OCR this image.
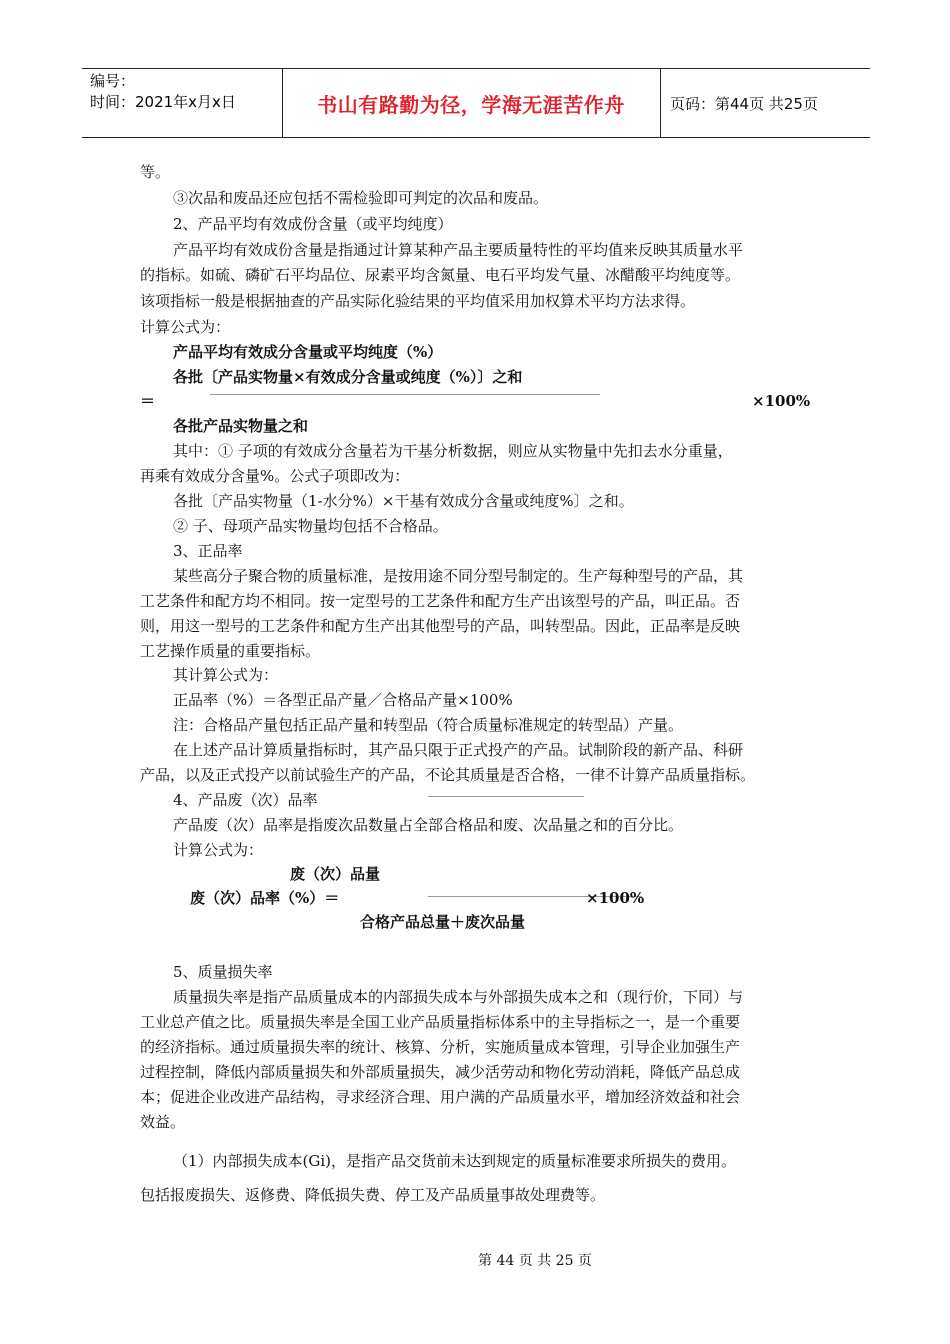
编号：
时间：2021年x月x日	书山有路勤为径，学海无涯苦作舟	页码：第44页 共25页
等。
③次品和废品还应包括不需检验即可判定的次品和废品。
2、产品平均有效成份含量（或平均纯度）
产品平均有效成份含量是指通过计算某种产品主要质量特性的平均值来反映其质量水平
的指标。如硫、磷矿石平均品位、尿素平均含氮量、电石平均发气量、冰醋酸平均纯度等。
该项指标一般是根据抽查的产品实际化验结果的平均值采用加权算术平均方法求得。
计算公式为：
产品平均有效成分含量或平均纯度（%）
各批〔产品实物量×有效成分含量或纯度（%）〕之和
＝	×100%
各批产品实物量之和
其中：① 子项的有效成分含量若为干基分析数据，则应从实物量中先扣去水分重量，
再乘有效成分含量%。公式子项即改为：
各批〔产品实物量（1-水分%）×干基有效成分含量或纯度%〕之和。
② 子、母项产品实物量均包括不合格品。
3、正品率
某些高分子聚合物的质量标准，是按用途不同分型号制定的。生产每种型号的产品，其
工艺条件和配方均不相同。按一定型号的工艺条件和配方生产出该型号的产品，叫正品。否
则，用这一型号的工艺条件和配方生产出其他型号的产品，叫转型品。因此，正品率是反映
工艺操作质量的重要指标。
其计算公式为：
正品率（%）＝各型正品产量／合格品产量×100%
注：合格品产量包括正品产量和转型品（符合质量标准规定的转型品）产量。
在上述产品计算质量指标时，其产品只限于正式投产的产品。试制阶段的新产品、科研
产品，以及正式投产以前试验生产的产品，不论其质量是否合格，一律不计算产品质量指标。
4、产品废（次）品率
产品废（次）品率是指废次品数量占全部合格品和废、次品量之和的百分比。
计算公式为：
废（次）品量
废（次）品率（%）＝	×100%
合格产品总量＋废次品量
5、质量损失率
质量损失率是指产品质量成本的内部损失成本与外部损失成本之和（现行价，下同）与
工业总产值之比。质量损失率是全国工业产品质量指标体系中的主导指标之一，是一个重要
的经济指标。通过质量损失率的统计、核算、分析，实施质量成本管理，引导企业加强生产
过程控制，降低内部质量损失和外部质量损失，减少活劳动和物化劳动消耗，降低产品总成
本；促进企业改进产品结构，寻求经济合理、用户满的产品质量水平，增加经济效益和社会
效益。
（1）内部损失成本(Gi)，是指产品交货前未达到规定的质量标准要求所损失的费用。
包括报废损失、返修费、降低损失费、停工及产品质量事故处理费等。
第 44 页 共 25 页
